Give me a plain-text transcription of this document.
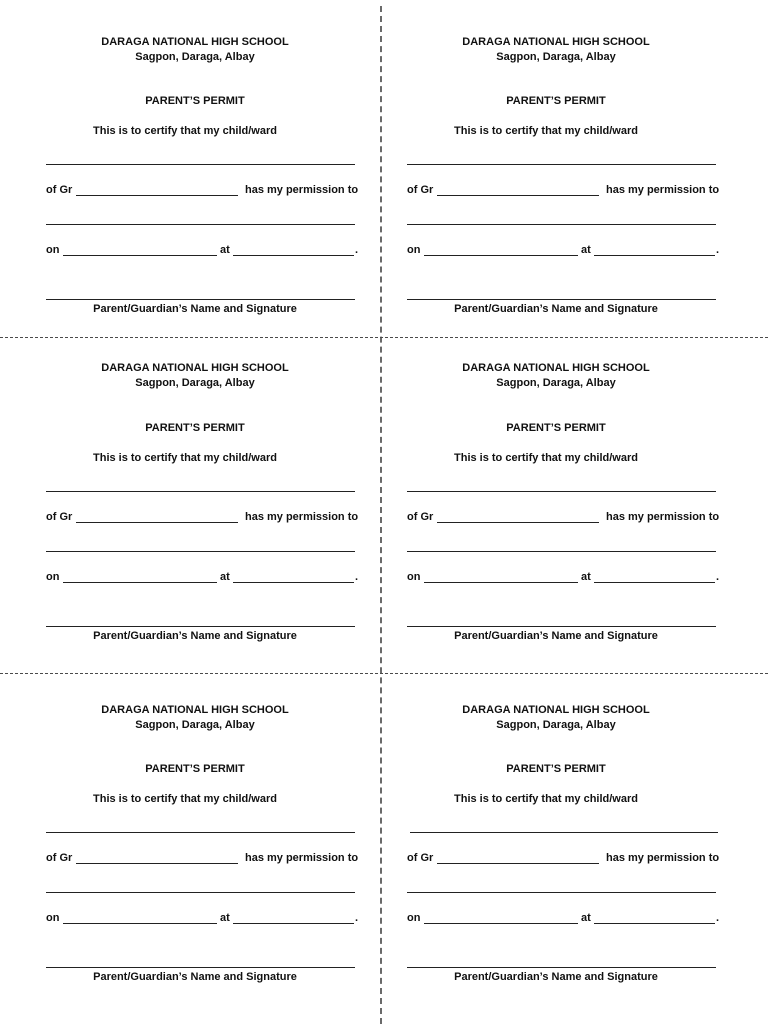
DARAGA NATIONAL HIGH SCHOOL
Sagpon, Daraga, Albay
PARENT’S PERMIT
This is to certify that my child/ward
of Gr	has my permission to
on	at	.
Parent/Guardian’s Name and Signature
DARAGA NATIONAL HIGH SCHOOL
Sagpon, Daraga, Albay
PARENT’S PERMIT
This is to certify that my child/ward
of Gr	has my permission to
on	at	.
Parent/Guardian’s Name and Signature
DARAGA NATIONAL HIGH SCHOOL
Sagpon, Daraga, Albay
PARENT’S PERMIT
This is to certify that my child/ward
of Gr	has my permission to
on	at	.
Parent/Guardian’s Name and Signature
DARAGA NATIONAL HIGH SCHOOL
Sagpon, Daraga, Albay
PARENT’S PERMIT
This is to certify that my child/ward
of Gr	has my permission to
on	at	.
Parent/Guardian’s Name and Signature
DARAGA NATIONAL HIGH SCHOOL
Sagpon, Daraga, Albay
PARENT’S PERMIT
This is to certify that my child/ward
of Gr	has my permission to
on	at	.
Parent/Guardian’s Name and Signature
DARAGA NATIONAL HIGH SCHOOL
Sagpon, Daraga, Albay
PARENT’S PERMIT
This is to certify that my child/ward
of Gr	has my permission to
on	at	.
Parent/Guardian’s Name and Signature
